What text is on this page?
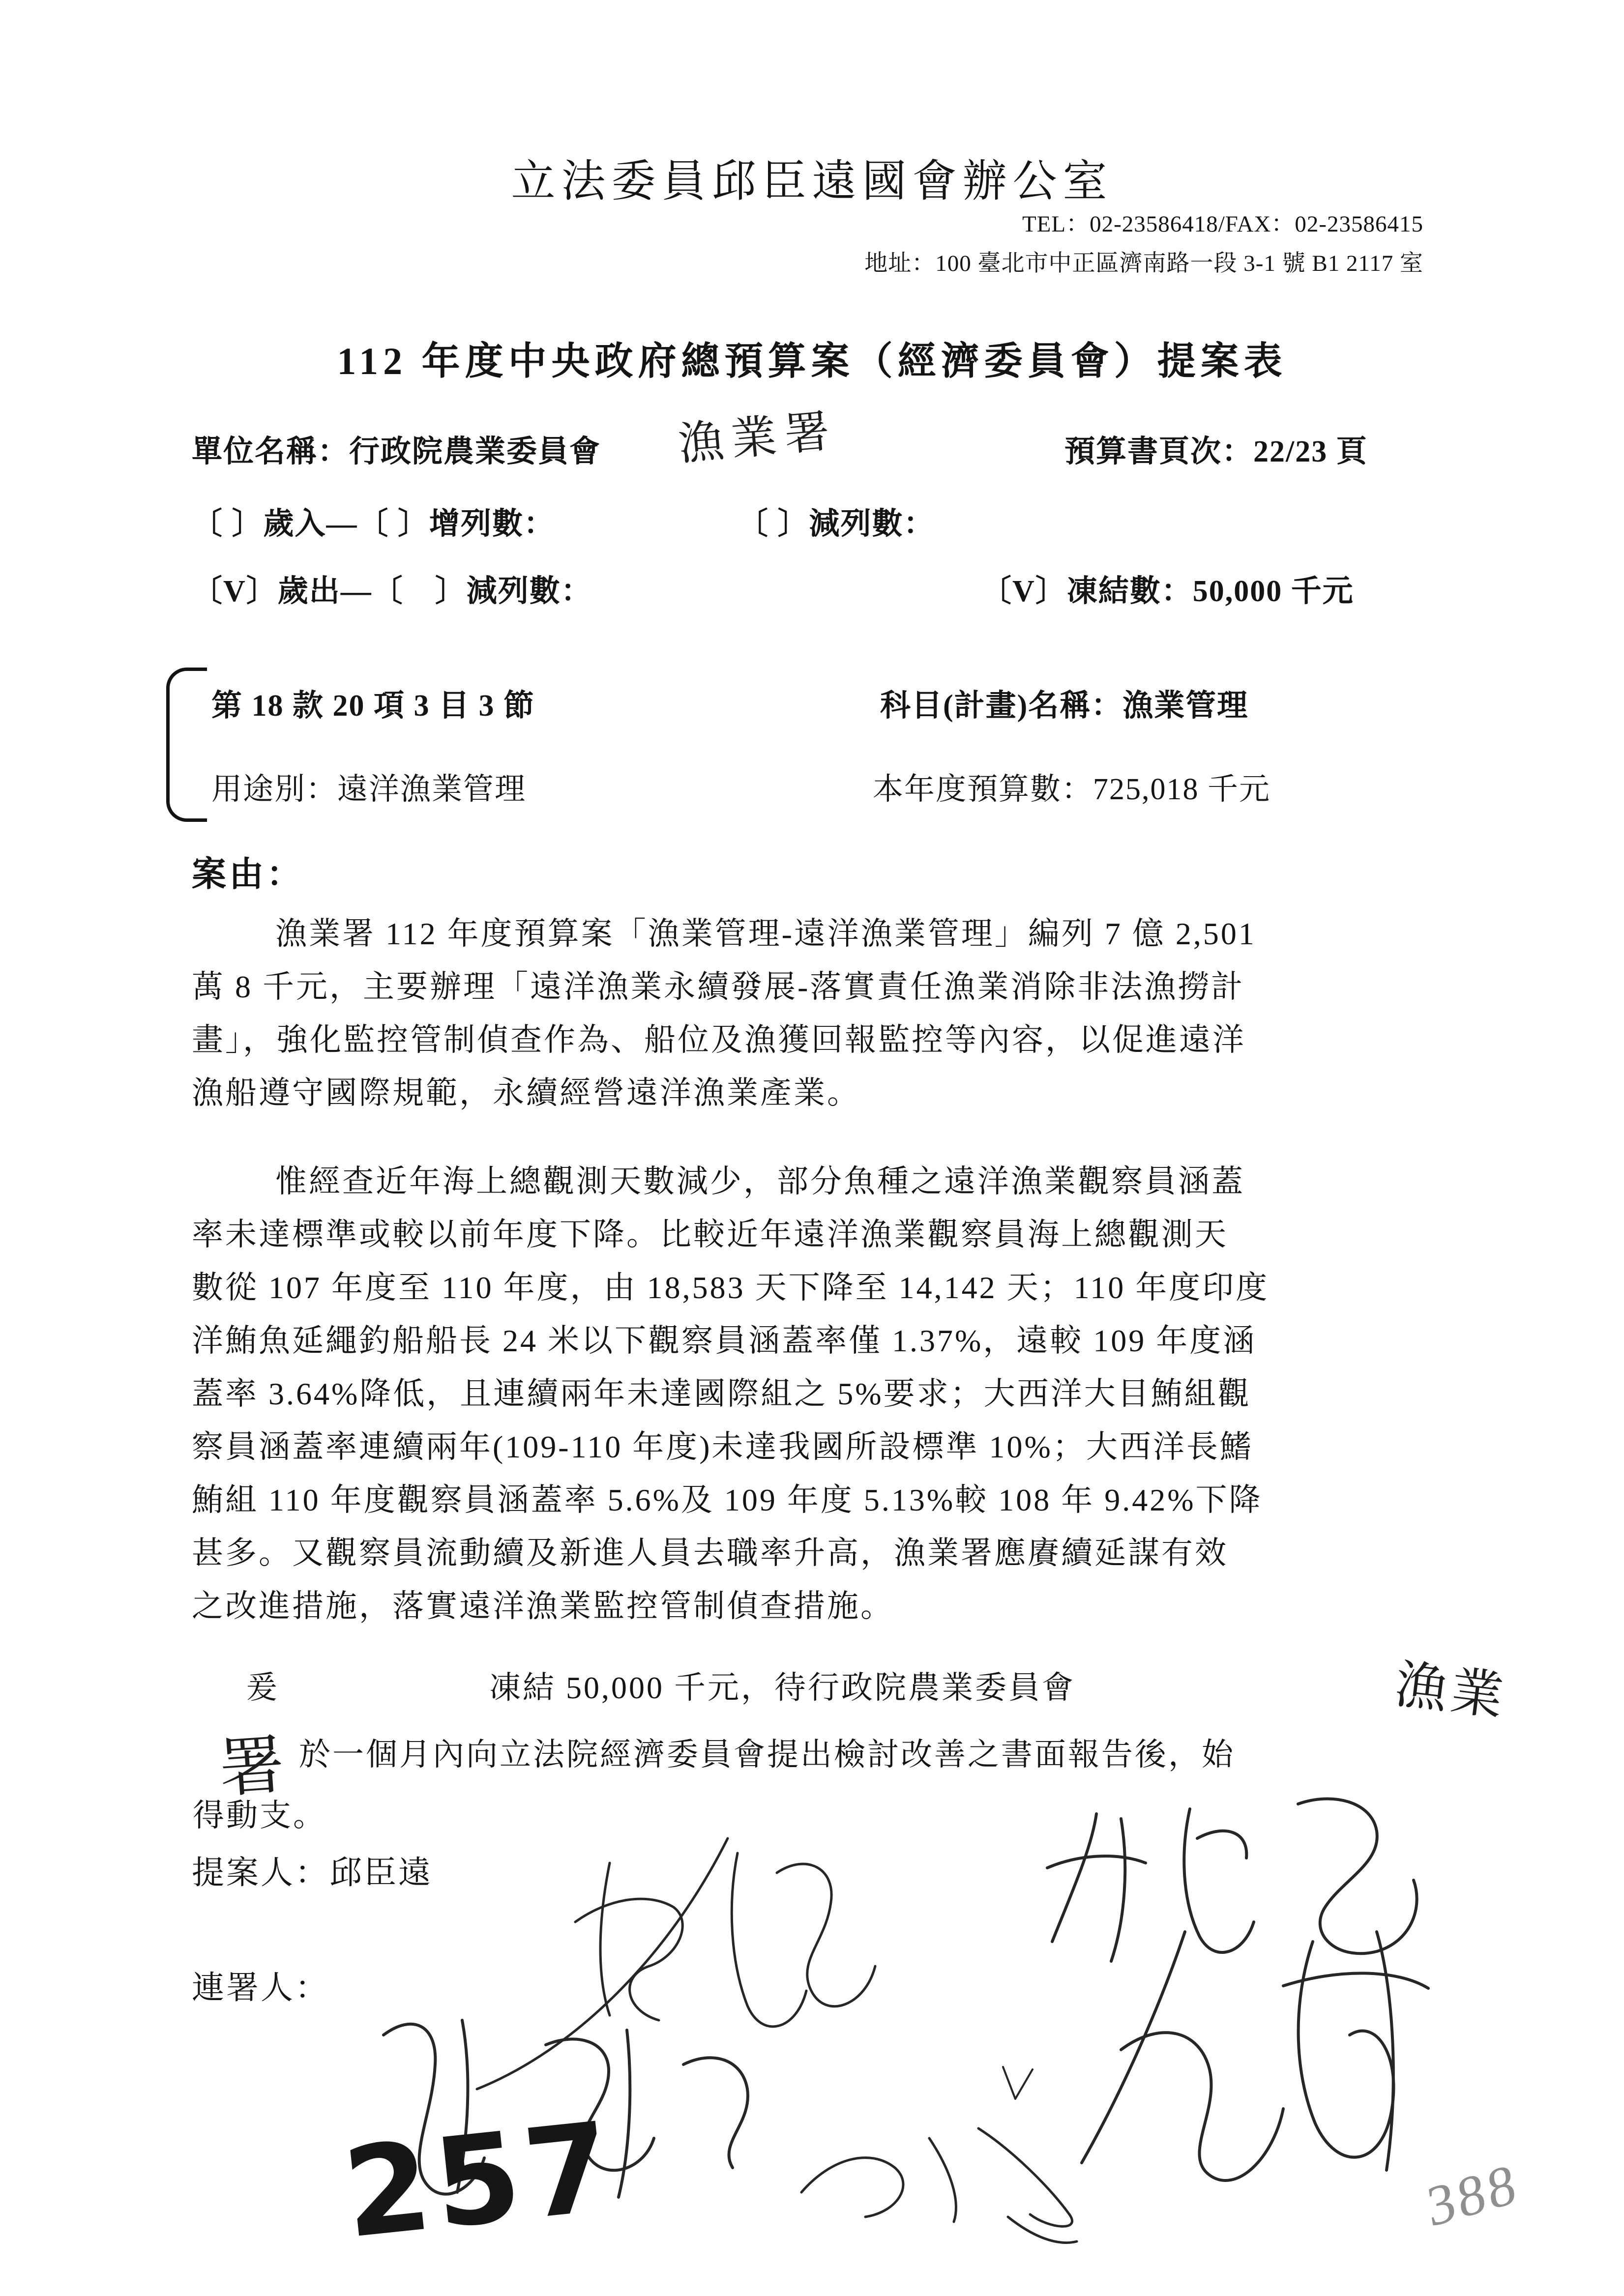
立法委員邱臣遠國會辦公室
TEL：02-23586418/FAX：02-23586415
地址：100 臺北市中正區濟南路一段 3-1 號 B1 2117 室
112 年度中央政府總預算案（經濟委員會）提案表
單位名稱：行政院農業委員會 漁業署	預算書頁次：22/23 頁
〔 〕歲入—〔 〕增列數：	〔 〕減列數：
〔V〕歲出—〔　〕減列數：	〔V〕凍結數：50,000 千元
第 18 款 20 項 3 目 3 節	科目(計畫)名稱：漁業管理
用途別：遠洋漁業管理	本年度預算數：725,018 千元
案由：
漁業署 112 年度預算案「漁業管理-遠洋漁業管理」編列 7 億 2,501
萬 8 千元，主要辦理「遠洋漁業永續發展-落實責任漁業消除非法漁撈計
畫」，強化監控管制偵查作為、船位及漁獲回報監控等內容，以促進遠洋
漁船遵守國際規範，永續經營遠洋漁業產業。
惟經查近年海上總觀測天數減少，部分魚種之遠洋漁業觀察員涵蓋
率未達標準或較以前年度下降。比較近年遠洋漁業觀察員海上總觀測天
數從 107 年度至 110 年度，由 18,583 天下降至 14,142 天；110 年度印度
洋鮪魚延繩釣船船長 24 米以下觀察員涵蓋率僅 1.37%，遠較 109 年度涵
蓋率 3.64%降低，且連續兩年未達國際組之 5%要求；大西洋大目鮪組觀
察員涵蓋率連續兩年(109-110 年度)未達我國所設標準 10%；大西洋長鰭
鮪組 110 年度觀察員涵蓋率 5.6%及 109 年度 5.13%較 108 年 9.42%下降
甚多。又觀察員流動續及新進人員去職率升高，漁業署應賡續延謀有效
之改進措施，落實遠洋漁業監控管制偵查措施。
爰	凍結 50,000 千元，待行政院農業委員會	漁業
署 於一個月內向立法院經濟委員會提出檢討改善之書面報告後，始
得動支。
提案人：邱臣遠
連署人：
257	388
